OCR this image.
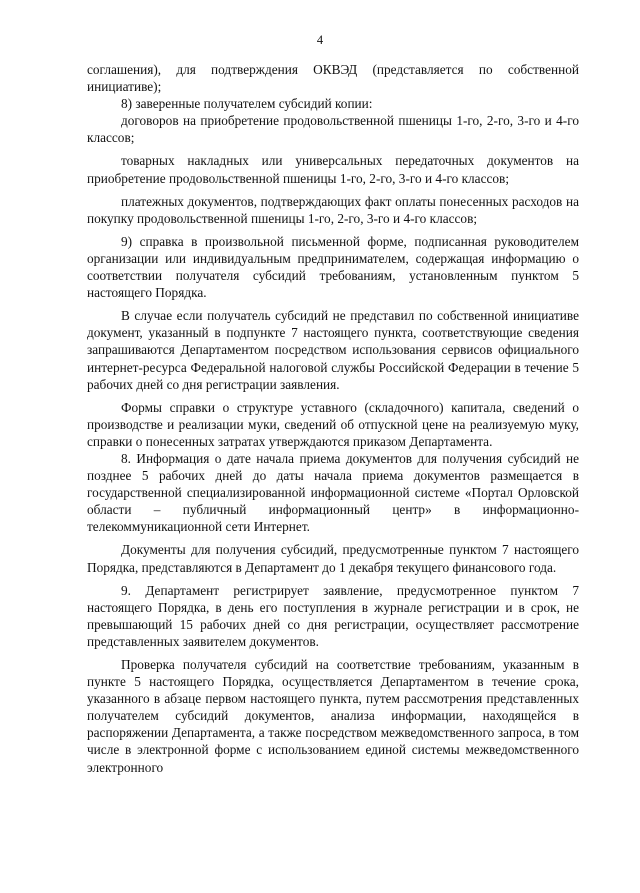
4

соглашения), для подтверждения ОКВЭД (представляется по собственной инициативе);

8) заверенные получателем субсидий копии:

договоров на приобретение продовольственной пшеницы 1-го, 2-го, 3-го и 4-го классов;

товарных накладных или универсальных передаточных документов на приобретение продовольственной пшеницы 1-го, 2-го, 3-го и 4-го классов;

платежных документов, подтверждающих факт оплаты понесенных расходов на покупку продовольственной пшеницы 1-го, 2-го, 3-го и 4-го классов;

9) справка в произвольной письменной форме, подписанная руководителем организации или индивидуальным предпринимателем, содержащая информацию о соответствии получателя субсидий требованиям, установленным пунктом 5 настоящего Порядка.

В случае если получатель субсидий не представил по собственной инициативе документ, указанный в подпункте 7 настоящего пункта, соответствующие сведения запрашиваются Департаментом посредством использования сервисов официального интернет-ресурса Федеральной налоговой службы Российской Федерации в течение 5 рабочих дней со дня регистрации заявления.

Формы справки о структуре уставного (складочного) капитала, сведений о производстве и реализации муки, сведений об отпускной цене на реализуемую муку, справки о понесенных затратах утверждаются приказом Департамента.

8. Информация о дате начала приема документов для получения субсидий не позднее 5 рабочих дней до даты начала приема документов размещается в государственной специализированной информационной системе «Портал Орловской области – публичный информационный центр» в информационно-телекоммуникационной сети Интернет.

Документы для получения субсидий, предусмотренные пунктом 7 настоящего Порядка, представляются в Департамент до 1 декабря текущего финансового года.

9. Департамент регистрирует заявление, предусмотренное пунктом 7 настоящего Порядка, в день его поступления в журнале регистрации и в срок, не превышающий 15 рабочих дней со дня регистрации, осуществляет рассмотрение представленных заявителем документов.

Проверка получателя субсидий на соответствие требованиям, указанным в пункте 5 настоящего Порядка, осуществляется Департаментом в течение срока, указанного в абзаце первом настоящего пункта, путем рассмотрения представленных получателем субсидий документов, анализа информации, находящейся в распоряжении Департамента, а также посредством межведомственного запроса, в том числе в электронной форме с использованием единой системы межведомственного электронного
